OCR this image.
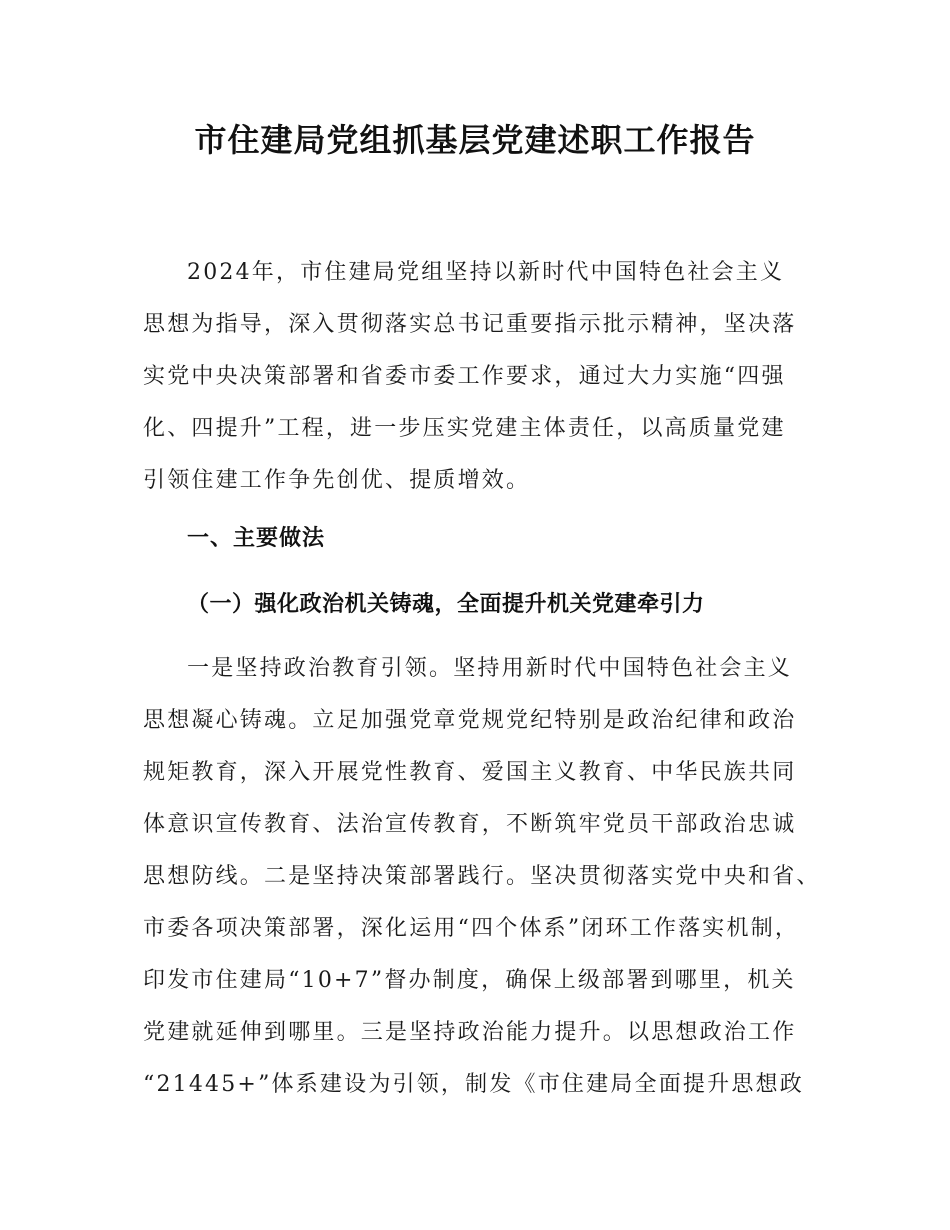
市住建局党组抓基层党建述职工作报告
2024年，市住建局党组坚持以新时代中国特色社会主义
思想为指导，深入贯彻落实总书记重要指示批示精神，坚决落
实党中央决策部署和省委市委工作要求，通过大力实施“四强
化、四提升”工程，进一步压实党建主体责任，以高质量党建
引领住建工作争先创优、提质增效。
一、主要做法
（一）强化政治机关铸魂，全面提升机关党建牵引力
一是坚持政治教育引领。坚持用新时代中国特色社会主义
思想凝心铸魂。立足加强党章党规党纪特别是政治纪律和政治
规矩教育，深入开展党性教育、爱国主义教育、中华民族共同
体意识宣传教育、法治宣传教育，不断筑牢党员干部政治忠诚
思想防线。二是坚持决策部署践行。坚决贯彻落实党中央和省、
市委各项决策部署，深化运用“四个体系”闭环工作落实机制，
印发市住建局“10+7”督办制度，确保上级部署到哪里，机关
党建就延伸到哪里。三是坚持政治能力提升。以思想政治工作
“21445+”体系建设为引领，制发《市住建局全面提升思想政
